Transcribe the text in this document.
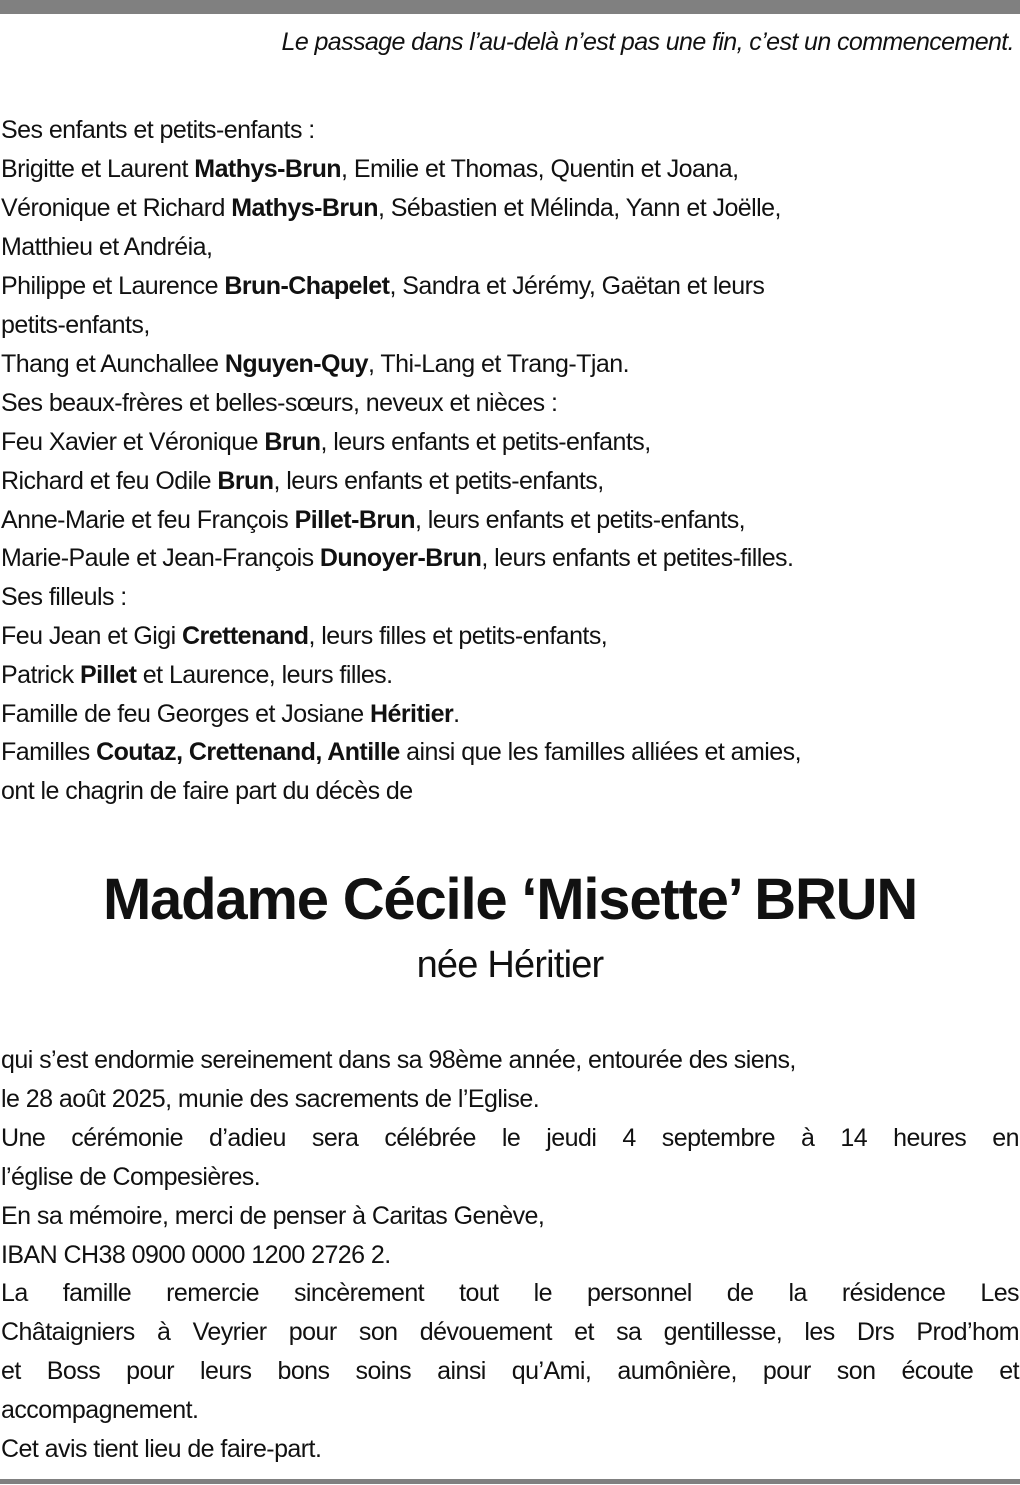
Le passage dans l’au-delà n’est pas une fin, c’est un commencement.
Ses enfants et petits-enfants :
Brigitte et Laurent Mathys-Brun, Emilie et Thomas, Quentin et Joana,
Véronique et Richard Mathys-Brun, Sébastien et Mélinda, Yann et Joëlle,
Matthieu et Andréia,
Philippe et Laurence Brun-Chapelet, Sandra et Jérémy, Gaëtan et leurs
petits-enfants,
Thang et Aunchallee Nguyen-Quy, Thi-Lang et Trang-Tjan.
Ses beaux-frères et belles-sœurs, neveux et nièces :
Feu Xavier et Véronique Brun, leurs enfants et petits-enfants,
Richard et feu Odile Brun, leurs enfants et petits-enfants,
Anne-Marie et feu François Pillet-Brun, leurs enfants et petits-enfants,
Marie-Paule et Jean-François Dunoyer-Brun, leurs enfants et petites-filles.
Ses filleuls :
Feu Jean et Gigi Crettenand, leurs filles et petits-enfants,
Patrick Pillet et Laurence, leurs filles.
Famille de feu Georges et Josiane Héritier.
Familles Coutaz, Crettenand, Antille ainsi que les familles alliées et amies,
ont le chagrin de faire part du décès de
Madame Cécile ‘Misette’ BRUN
née Héritier
qui s’est endormie sereinement dans sa 98ème année, entourée des siens,
le 28 août 2025, munie des sacrements de l’Eglise.
Une cérémonie d’adieu sera célébrée le jeudi 4 septembre à 14 heures en
l’église de Compesières.
En sa mémoire, merci de penser à Caritas Genève,
IBAN CH38 0900 0000 1200 2726 2.
La famille remercie sincèrement tout le personnel de la résidence Les
Châtaigniers à Veyrier pour son dévouement et sa gentillesse, les Drs Prod’hom
et Boss pour leurs bons soins ainsi qu’Ami, aumônière, pour son écoute et
accompagnement.
Cet avis tient lieu de faire-part.
